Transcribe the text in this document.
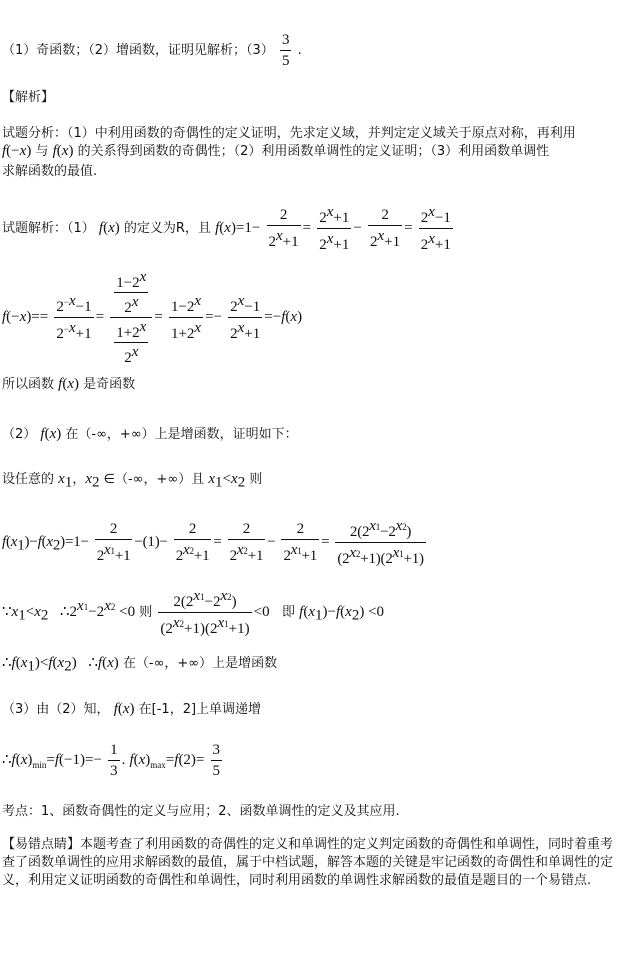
（1）奇函数；（2）增函数，证明见解析；$(3) \frac{3}{5}$ .
【解析】
试题分析：（1）中利用函数的奇偶性的定义证明，先求定义域，并判定定义域关于原点对称，再利用
f(−x) 与 f(x) 的关系得到函数的奇偶性；（2）利用函数单调性的定义证明；（3）利用函数单调性
求解函数的最值.
试题解析：（1） f(x) 的定义为R，且 $f(x)=1- \frac{2}{2^x+1} = \frac{2^x+1}{2^x+1} - \frac{2}{2^x+1} = \frac{2^x-1}{2^x+1}$
$f(-x)== \frac{2^{-x}-1}{2^{-x}+1} = \frac{\frac{1-2^x}{2^x}}{\frac{1+2^x}{2^x}} = \frac{1-2^x}{1+2^x} =- \frac{2^x-1}{2^x+1} =-f(x)$
所以函数 f(x) 是奇函数
（2） f(x) 在（-∞，+∞）上是增函数，证明如下：
设任意的 $x_1$，$x_2$ ∈（-∞，+∞）且 $x_1<x_2$ 则
$f(x_1)-f(x_2)=1- \frac{2}{2^{x1}+1} -(1)- \frac{2}{2^{x2}+1} = \frac{2}{2^{x2}+1} - \frac{2}{2^{x1}+1} = \frac{2(2^{x1}-2^{x2})}{(2^{x2}+1)(2^{x1}+1)}$
$\because x_1<x_2$   $\therefore 2^{x1}-2^{x2} <0$ 则 $\frac{2(2^{x1}-2^{x2})}{(2^{x2}+1)(2^{x1}+1)} <0$ 即 $f(x_1)-f(x_2) <0$
$\therefore f(x_1)<f(x_2)$   ∴f(x) 在（-∞，+∞）上是增函数
（3）由（2）知， f(x) 在[-1，2]上单调递增
$\therefore f(x)_{min}=f(-1)=- \frac{1}{3}$ . $f(x)_{max}=f(2)= \frac{3}{5}$
考点：1、函数奇偶性的定义与应用；2、函数单调性的定义及其应用.
【易错点睛】本题考查了利用函数的奇偶性的定义和单调性的定义判定函数的奇偶性和单调性，同时着重考查了函数单调性的应用求解函数的最值，属于中档试题，解答本题的关键是牢记函数的奇偶性和单调性的定义，利用定义证明函数的奇偶性和单调性，同时利用函数的单调性求解函数的最值是题目的一个易错点.
